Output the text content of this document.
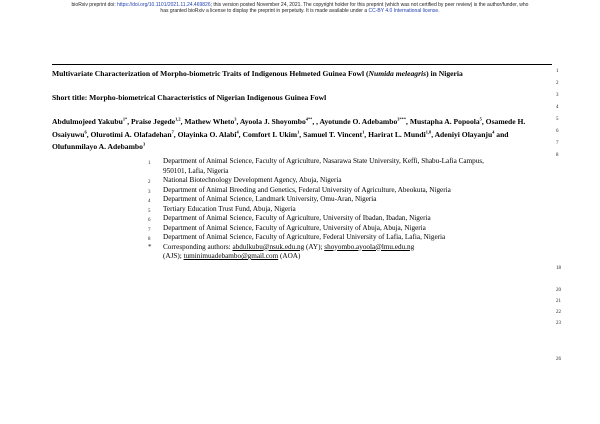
bioRxiv preprint doi: https://doi.org/10.1101/2021.11.24.469826; this version posted November 24, 2021. The copyright holder for this preprint (which was not certified by peer review) is the author/funder, who
has granted bioRxiv a license to display the preprint in perpetuity. It is made available under a CC-BY 4.0 International license.
Multivariate Characterization of Morpho-biometric Traits of Indigenous Helmeted Guinea Fowl (Numida meleagris) in Nigeria
Short title: Morpho-biometrical Characteristics of Nigerian Indigenous Guinea Fowl
Abdulmojeed Yakubu$^{1*}$, Praise Jegede$^{1,2}$, Mathew Wheto$^3$, Ayoola J. Shoyombo$^{4**}$, , Ayotunde O. Adebambo$^{3***}$, Mustapha A. Popoola$^5$, Osamede H. Osaiyuwu$^6$, Olurotimi A. Olafadehan$^7$, Olayinka O. Alabi$^4$, Comfort I. Ukim$^1$, Samuel T. Vincent$^1$, Harirat L. Mundi$^{1,8}$, Adeniyi Olayanju$^4$ and Olufunmilayo A. Adebambo$^3$
1	Department of Animal Science, Faculty of Agriculture, Nasarawa State University, Keffi, Shabu-Lafia Campus,
950101, Lafia, Nigeria
2	National Biotechnology Development Agency, Abuja, Nigeria
3	Department of Animal Breeding and Genetics, Federal University of Agriculture, Abeokuta, Nigeria
4	Department of Animal Science, Landmark University, Omu-Aran, Nigeria
5	Tertiary Education Trust Fund, Abuja, Nigeria
6	Department of Animal Science, Faculty of Agriculture, University of Ibadan, Ibadan, Nigeria
7	Department of Animal Science, Faculty of Agriculture, University of Abuja, Abuja, Nigeria
8	Department of Animal Science, Faculty of Agriculture, Federal University of Lafia, Lafia, Nigeria
*	Corresponding authors: abdulkubu@nsuk.edu.ng (AY); shoyombo.ayoola@lmu.edu.ng
(AJS); tuminimuadebambo@gmail.com (AOA)
1
2
3
4
5
6
7
8
18
20
21
22
23
26
